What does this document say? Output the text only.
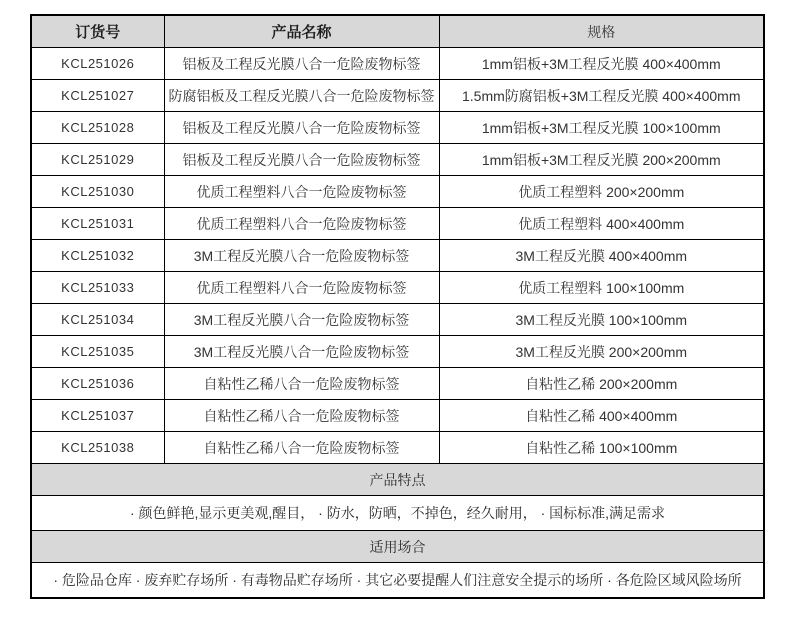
订货号	产品名称	规格
KCL251026	铝板及工程反光膜八合一危险废物标签	1mm铝板+3M工程反光膜 400×400mm
KCL251027	防腐铝板及工程反光膜八合一危险废物标签	1.5mm防腐铝板+3M工程反光膜 400×400mm
KCL251028	铝板及工程反光膜八合一危险废物标签	1mm铝板+3M工程反光膜 100×100mm
KCL251029	铝板及工程反光膜八合一危险废物标签	1mm铝板+3M工程反光膜 200×200mm
KCL251030	优质工程塑料八合一危险废物标签	优质工程塑料 200×200mm
KCL251031	优质工程塑料八合一危险废物标签	优质工程塑料 400×400mm
KCL251032	3M工程反光膜八合一危险废物标签	3M工程反光膜 400×400mm
KCL251033	优质工程塑料八合一危险废物标签	优质工程塑料 100×100mm
KCL251034	3M工程反光膜八合一危险废物标签	3M工程反光膜 100×100mm
KCL251035	3M工程反光膜八合一危险废物标签	3M工程反光膜 200×200mm
KCL251036	自粘性乙稀八合一危险废物标签	自粘性乙稀 200×200mm
KCL251037	自粘性乙稀八合一危险废物标签	自粘性乙稀 400×400mm
KCL251038	自粘性乙稀八合一危险废物标签	自粘性乙稀 100×100mm
产品特点		
· 颜色鲜艳,显示更美观,醒目， · 防水，防晒，不掉色，经久耐用， · 国标标准,满足需求		
适用场合		
· 危险品仓库 · 废弃贮存场所 · 有毒物品贮存场所 · 其它必要提醒人们注意安全提示的场所 · 各危险区域风险场所		
